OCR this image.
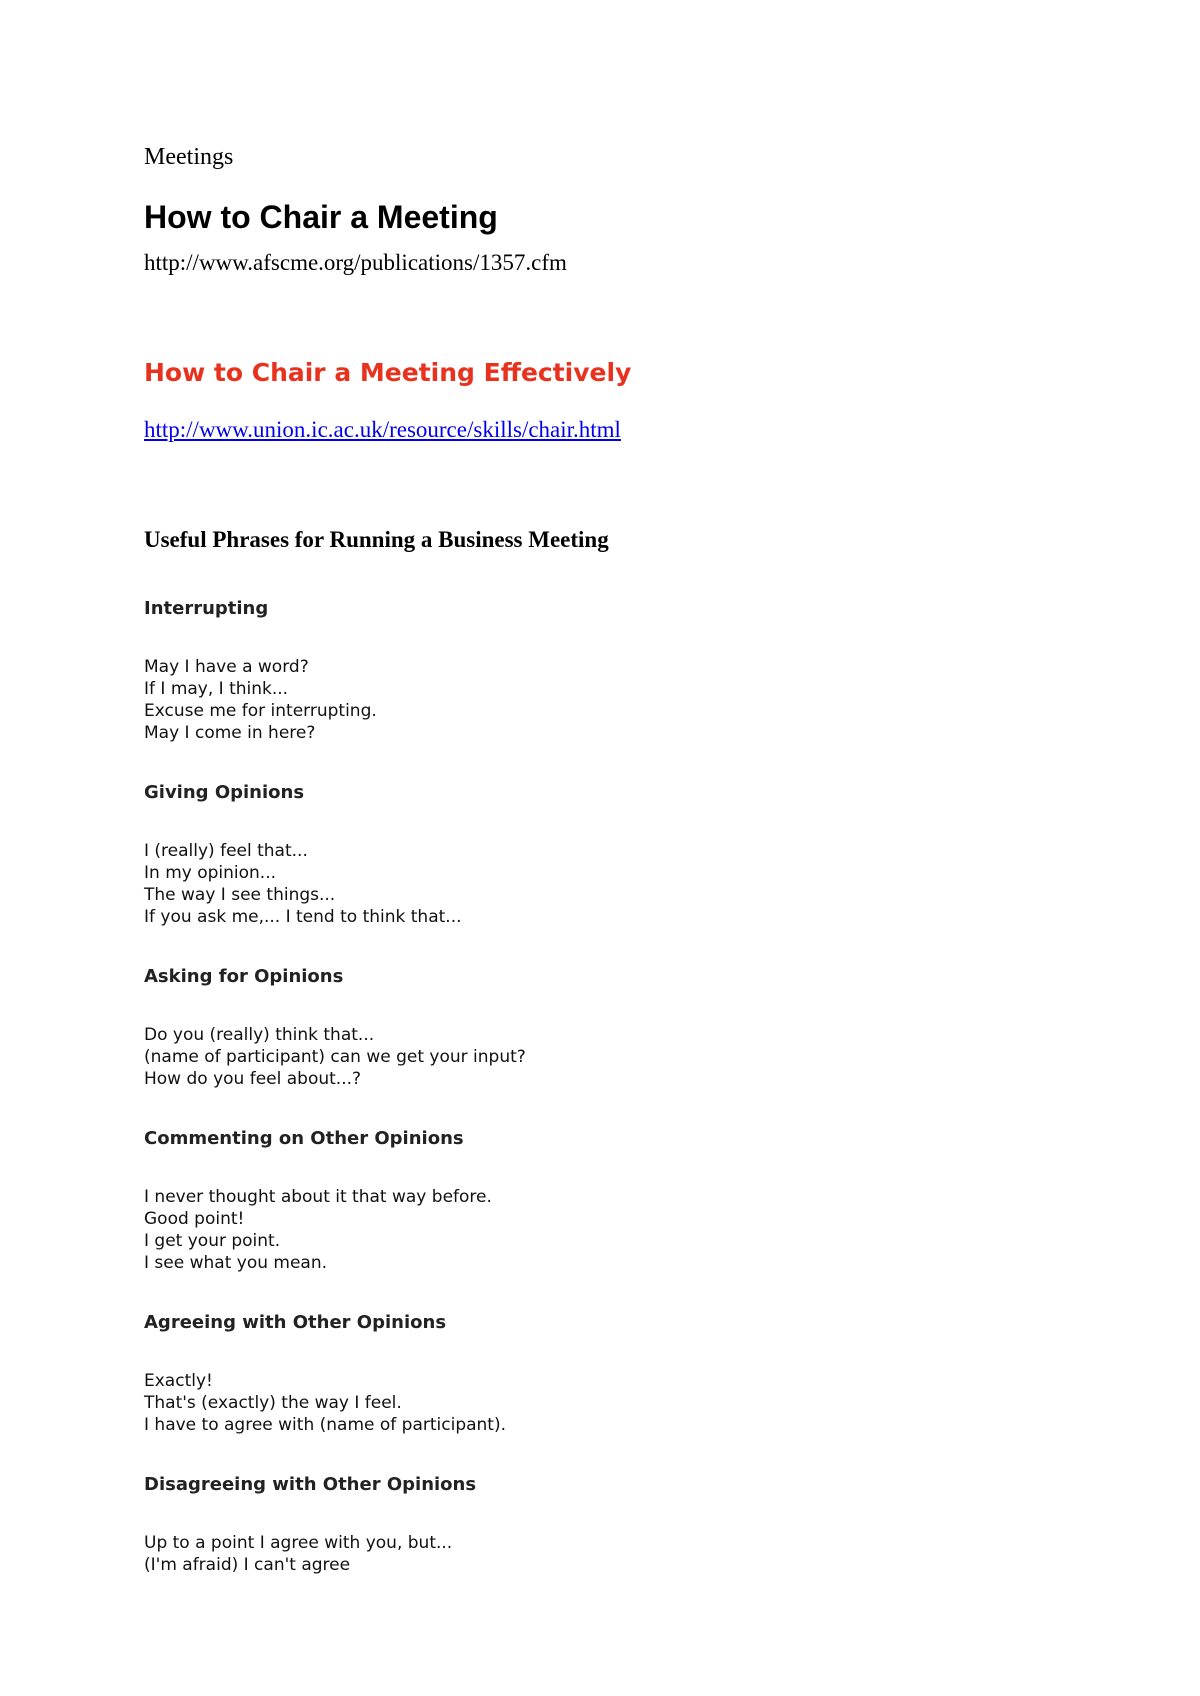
Meetings

How to Chair a Meeting

http://www.afscme.org/publications/1357.cfm

How to Chair a Meeting Effectively
http://www.union.ic.ac.uk/resource/skills/chair.html
Useful Phrases for Running a Business Meeting
Interrupting
May I have a word?
If I may, I think...
Excuse me for interrupting.
May I come in here?
Giving Opinions
I (really) feel that...
In my opinion...
The way I see things...
If you ask me,... I tend to think that...
Asking for Opinions
Do you (really) think that...
(name of participant) can we get your input?
How do you feel about...?
Commenting on Other Opinions
I never thought about it that way before.
Good point!
I get your point.
I see what you mean.
Agreeing with Other Opinions
Exactly!
That's (exactly) the way I feel.
I have to agree with (name of participant).
Disagreeing with Other Opinions
Up to a point I agree with you, but...
(I'm afraid) I can't agree
